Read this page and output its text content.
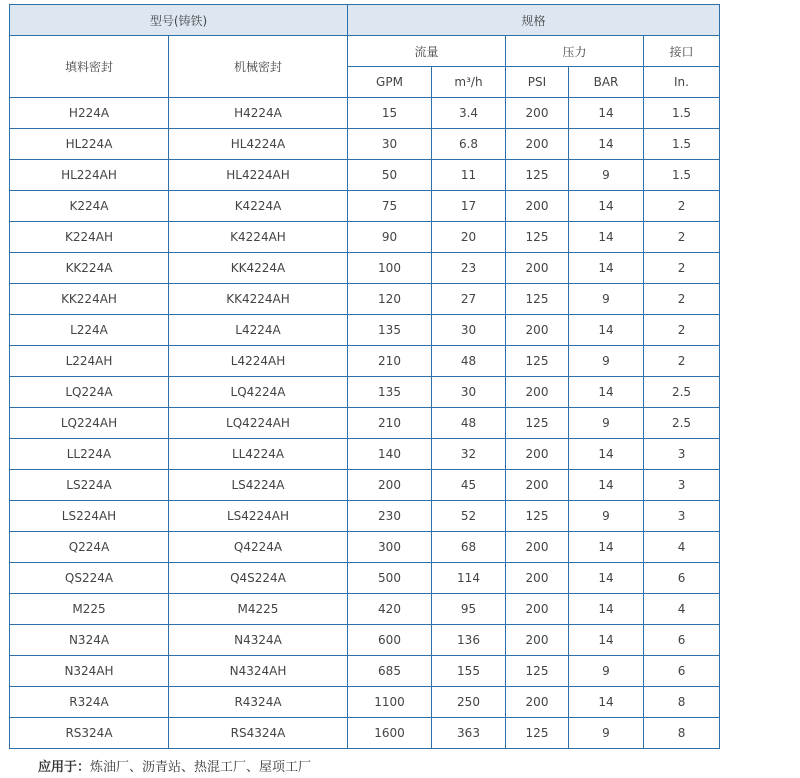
型号(铸铁)		规格				
填料密封	机械密封	流量		压力		接口
		GPM	m³/h	PSI	BAR	In.
H224A	H4224A	15	3.4	200	14	1.5
HL224A	HL4224A	30	6.8	200	14	1.5
HL224AH	HL4224AH	50	11	125	9	1.5
K224A	K4224A	75	17	200	14	2
K224AH	K4224AH	90	20	125	14	2
KK224A	KK4224A	100	23	200	14	2
KK224AH	KK4224AH	120	27	125	9	2
L224A	L4224A	135	30	200	14	2
L224AH	L4224AH	210	48	125	9	2
LQ224A	LQ4224A	135	30	200	14	2.5
LQ224AH	LQ4224AH	210	48	125	9	2.5
LL224A	LL4224A	140	32	200	14	3
LS224A	LS4224A	200	45	200	14	3
LS224AH	LS4224AH	230	52	125	9	3
Q224A	Q4224A	300	68	200	14	4
QS224A	Q4S224A	500	114	200	14	6
M225	M4225	420	95	200	14	4
N324A	N4324A	600	136	200	14	6
N324AH	N4324AH	685	155	125	9	6
R324A	R4324A	1100	250	200	14	8
RS324A	RS4324A	1600	363	125	9	8
应用于：炼油厂、沥青站、热混工厂、屋项工厂
